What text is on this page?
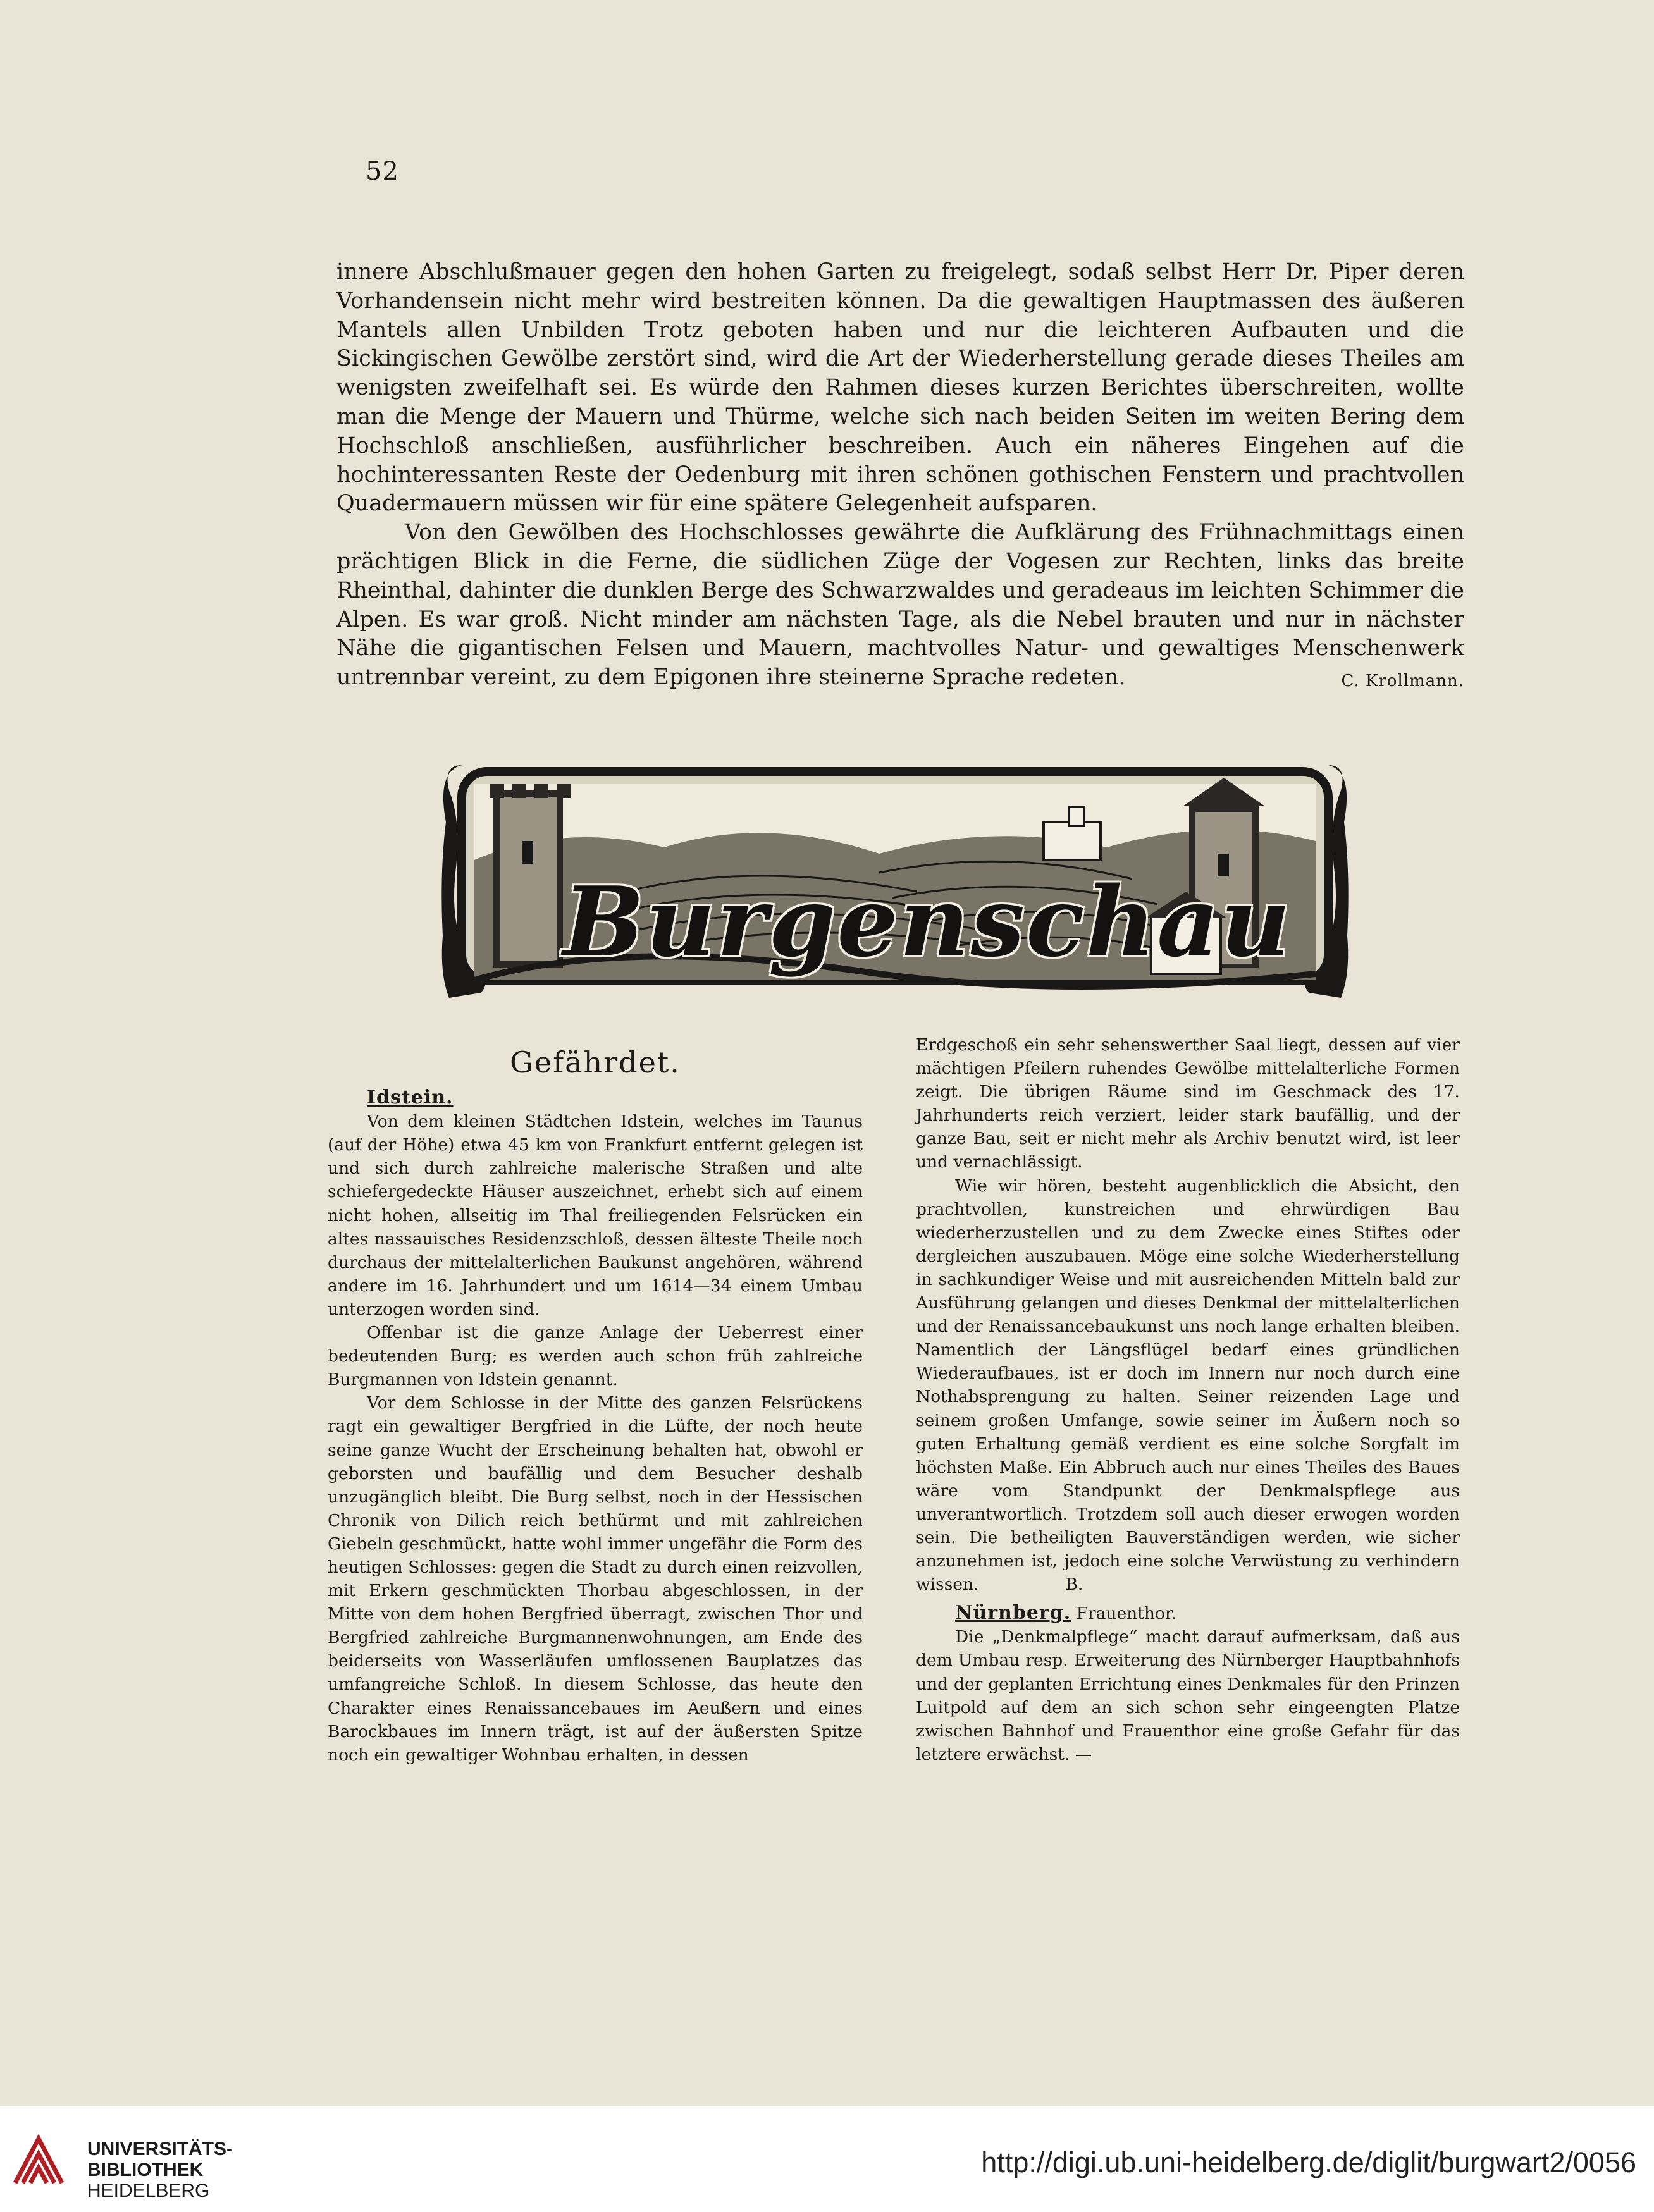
52

innere Abschlußmauer gegen den hohen Garten zu freigelegt, sodaß selbst Herr Dr. Piper deren Vorhandensein nicht mehr wird bestreiten können. Da die gewaltigen Hauptmassen des äußeren Mantels allen Unbilden Trotz geboten haben und nur die leichteren Aufbauten und die Sickingischen Gewölbe zerstört sind, wird die Art der Wiederherstellung gerade dieses Theiles am wenigsten zweifelhaft sei. Es würde den Rahmen dieses kurzen Berichtes überschreiten, wollte man die Menge der Mauern und Thürme, welche sich nach beiden Seiten im weiten Bering dem Hochschloß anschließen, ausführlicher beschreiben. Auch ein näheres Eingehen auf die hochinteressanten Reste der Oedenburg mit ihren schönen gothischen Fenstern und prachtvollen Quadermauern müssen wir für eine spätere Gelegenheit aufsparen.

Von den Gewölben des Hochschlosses gewährte die Aufklärung des Frühnachmittags einen prächtigen Blick in die Ferne, die südlichen Züge der Vogesen zur Rechten, links das breite Rheinthal, dahinter die dunklen Berge des Schwarzwaldes und geradeaus im leichten Schimmer die Alpen. Es war groß. Nicht minder am nächsten Tage, als die Nebel brauten und nur in nächster Nähe die gigantischen Felsen und Mauern, machtvolles Natur- und gewaltiges Menschenwerk untrennbar vereint, zu dem Epigonen ihre steinerne Sprache redeten.	C. Krollmann.
Burgenschau
Gefährdet.

Idstein.

Von dem kleinen Städtchen Idstein, welches im Taunus (auf der Höhe) etwa 45 km von Frankfurt entfernt gelegen ist und sich durch zahlreiche malerische Straßen und alte schiefergedeckte Häuser auszeichnet, erhebt sich auf einem nicht hohen, allseitig im Thal freiliegenden Felsrücken ein altes nassauisches Residenzschloß, dessen älteste Theile noch durchaus der mittelalterlichen Baukunst angehören, während andere im 16. Jahrhundert und um 1614—34 einem Umbau unterzogen worden sind.

Offenbar ist die ganze Anlage der Ueberrest einer bedeutenden Burg; es werden auch schon früh zahlreiche Burgmannen von Idstein genannt.

Vor dem Schlosse in der Mitte des ganzen Felsrückens ragt ein gewaltiger Bergfried in die Lüfte, der noch heute seine ganze Wucht der Erscheinung behalten hat, obwohl er geborsten und baufällig und dem Besucher deshalb unzugänglich bleibt. Die Burg selbst, noch in der Hessischen Chronik von Dilich reich bethürmt und mit zahlreichen Giebeln geschmückt, hatte wohl immer ungefähr die Form des heutigen Schlosses: gegen die Stadt zu durch einen reizvollen, mit Erkern geschmückten Thorbau abgeschlossen, in der Mitte von dem hohen Bergfried überragt, zwischen Thor und Bergfried zahlreiche Burgmannenwohnungen, am Ende des beiderseits von Wasserläufen umflossenen Bauplatzes das umfangreiche Schloß. In diesem Schlosse, das heute den Charakter eines Renaissancebaues im Aeußern und eines Barockbaues im Innern trägt, ist auf der äußersten Spitze noch ein gewaltiger Wohnbau erhalten, in dessen

Erdgeschoß ein sehr sehenswerther Saal liegt, dessen auf vier mächtigen Pfeilern ruhendes Gewölbe mittelalterliche Formen zeigt. Die übrigen Räume sind im Geschmack des 17. Jahrhunderts reich verziert, leider stark baufällig, und der ganze Bau, seit er nicht mehr als Archiv benutzt wird, ist leer und vernachlässigt.

Wie wir hören, besteht augenblicklich die Absicht, den prachtvollen, kunstreichen und ehrwürdigen Bau wiederherzustellen und zu dem Zwecke eines Stiftes oder dergleichen auszubauen. Möge eine solche Wiederherstellung in sachkundiger Weise und mit ausreichenden Mitteln bald zur Ausführung gelangen und dieses Denkmal der mittelalterlichen und der Renaissancebaukunst uns noch lange erhalten bleiben. Namentlich der Längsflügel bedarf eines gründlichen Wiederaufbaues, ist er doch im Innern nur noch durch eine Nothabsprengung zu halten. Seiner reizenden Lage und seinem großen Umfange, sowie seiner im Äußern noch so guten Erhaltung gemäß verdient es eine solche Sorgfalt im höchsten Maße. Ein Abbruch auch nur eines Theiles des Baues wäre vom Standpunkt der Denkmalspflege aus unverantwortlich. Trotzdem soll auch dieser erwogen worden sein. Die betheiligten Bauverständigen werden, wie sicher anzunehmen ist, jedoch eine solche Verwüstung zu verhindern wissen.	B.

Nürnberg. Frauenthor.

Die „Denkmalpflege“ macht darauf aufmerksam, daß aus dem Umbau resp. Erweiterung des Nürnberger Hauptbahnhofs und der geplanten Errichtung eines Denkmales für den Prinzen Luitpold auf dem an sich schon sehr eingeengten Platze zwischen Bahnhof und Frauenthor eine große Gefahr für das letztere erwächst. —

UNIVERSITÄTS-
BIBLIOTHEK
HEIDELBERG
http://digi.ub.uni-heidelberg.de/diglit/burgwart2/0056
